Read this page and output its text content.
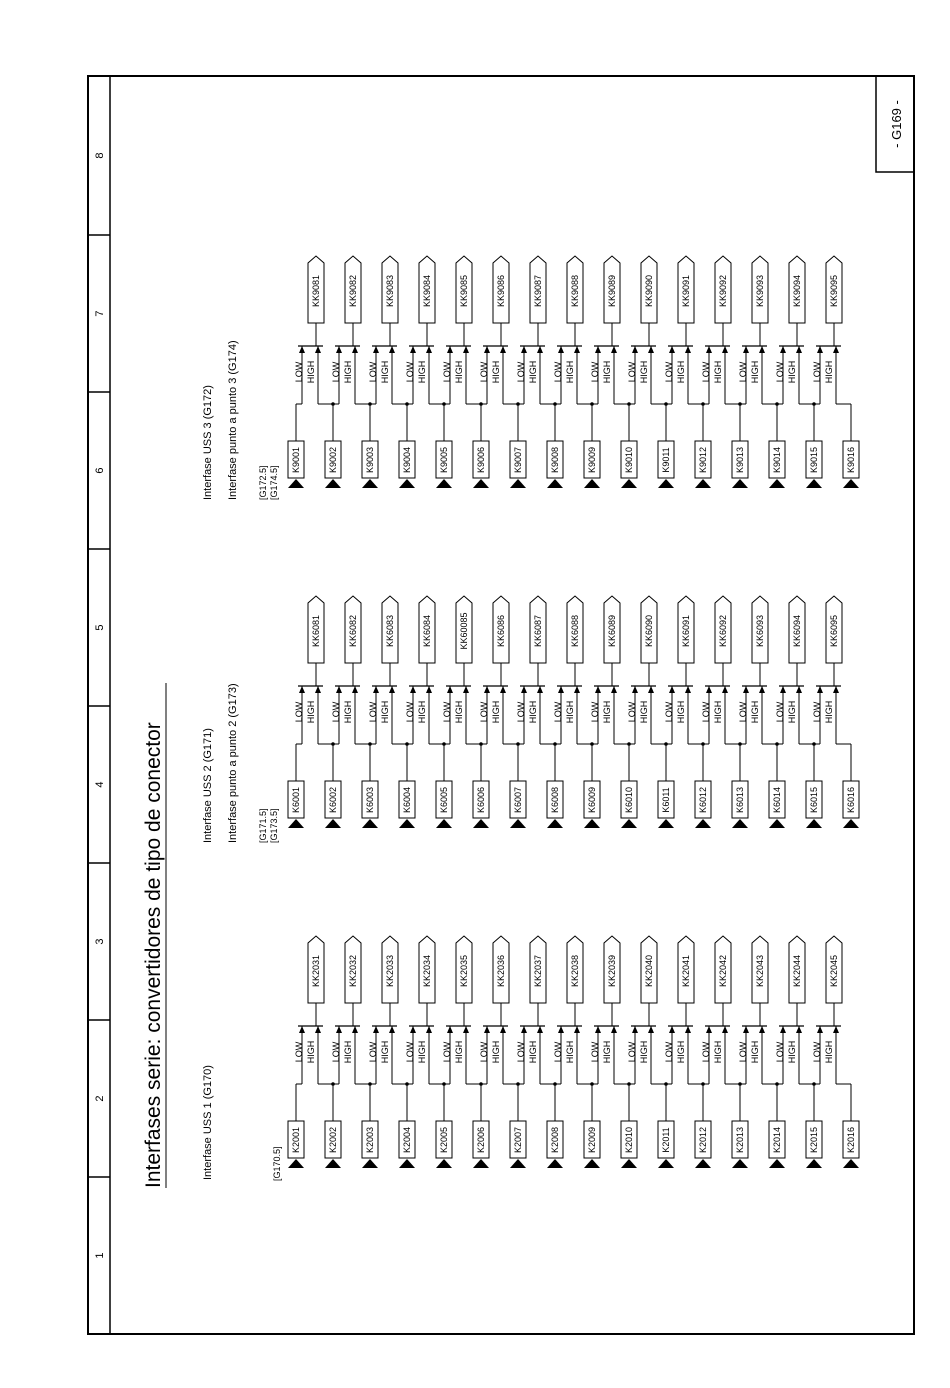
1
2
3
4
5
6
7
8
- G169 -
Interfases serie: convertidores de tipo de conector	Interfase USS 1 (G170)	[G170.5]
Interfase USS 2 (G171) Interfase punto a punto 2 (G173) [G171.5] [G173.5]
Interfase USS 3 (G172) Interfase punto a punto 3 (G174) [G172.5] [G174.5]
K2001	K2002	K2003	K2004	K2005	K2006	K2007	K2008	K2009	K2010	K2011	K2012	K2013	K2014	K2015	K2016
LOW HIGH
KK2031
LOW HIGH
KK2032
LOW HIGH
KK2033
LOW HIGH
KK2034
LOW HIGH
KK2035
LOW HIGH
KK2036
LOW HIGH
KK2037
LOW HIGH
KK2038
LOW HIGH
KK2039
LOW HIGH
KK2040
LOW HIGH
KK2041
LOW HIGH
KK2042
LOW HIGH
KK2043
LOW HIGH
KK2044
LOW HIGH
KK2045
K6001	K6002	K6003	K6004	K6005	K6006	K6007	K6008	K6009	K6010	K6011	K6012	K6013	K6014	K6015	K6016
LOW HIGH
KK6081
LOW HIGH
KK6082
LOW HIGH
KK6083
LOW HIGH
KK6084
LOW HIGH
KK60085
LOW HIGH
KK6086
LOW HIGH
KK6087
LOW HIGH
KK6088
LOW HIGH
KK6089
LOW HIGH
KK6090
LOW HIGH
KK6091
LOW HIGH
KK6092
LOW HIGH
KK6093
LOW HIGH
KK6094
LOW HIGH
KK6095
K9001	K9002	K9003	K9004	K9005	K9006	K9007	K9008	K9009	K9010	K9011	K9012	K9013	K9014	K9015	K9016
LOW HIGH
KK9081
LOW HIGH
KK9082
LOW HIGH
KK9083
LOW HIGH
KK9084
LOW HIGH
KK9085
LOW HIGH
KK9086
LOW HIGH
KK9087
LOW HIGH
KK9088
LOW HIGH
KK9089
LOW HIGH
KK9090
LOW HIGH
KK9091
LOW HIGH
KK9092
LOW HIGH
KK9093
LOW HIGH
KK9094
LOW HIGH
KK9095
